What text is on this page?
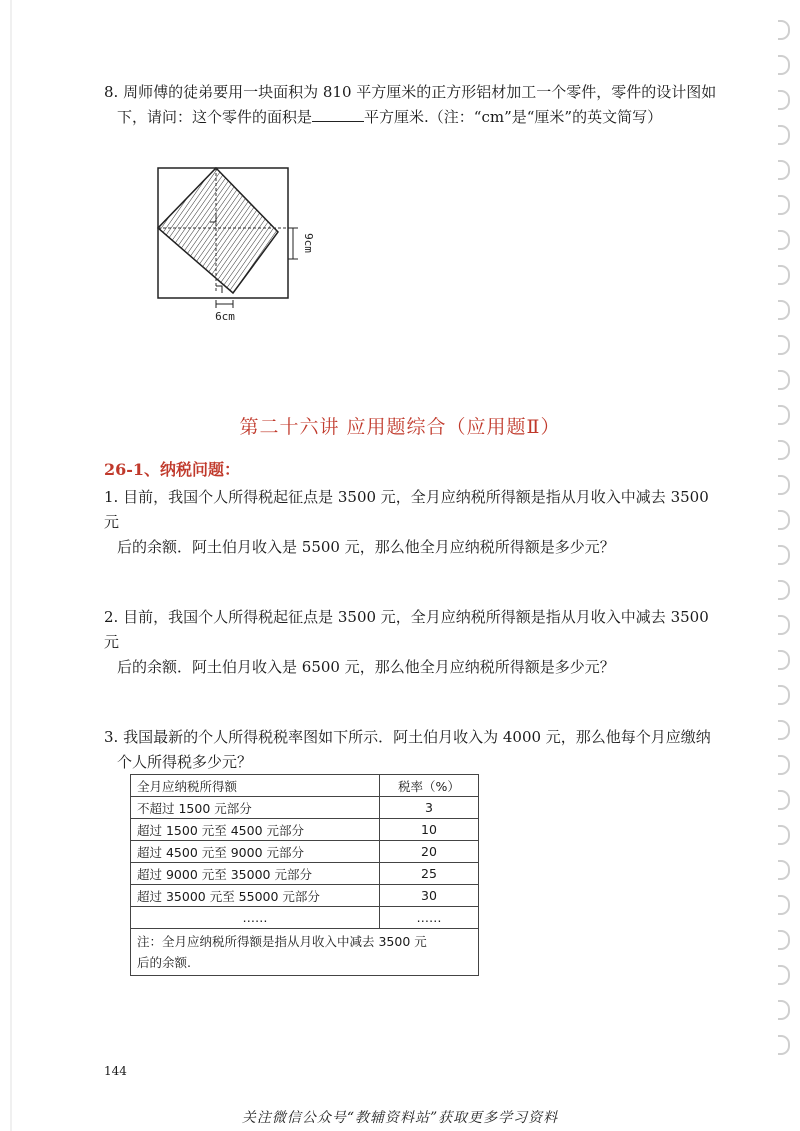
8. 周师傅的徒弟要用一块面积为 810 平方厘米的正方形铝材加工一个零件，零件的设计图如
下，请问：这个零件的面积是	平方厘米.（注：“cm”是“厘米”的英文简写）
9cm
6cm
第二十六讲 应用题综合（应用题Ⅱ）
26-1、纳税问题：
1. 目前，我国个人所得税起征点是 3500 元，全月应纳税所得额是指从月收入中减去 3500 元
后的余额．阿土伯月收入是 5500 元，那么他全月应纳税所得额是多少元？
2. 目前，我国个人所得税起征点是 3500 元，全月应纳税所得额是指从月收入中减去 3500 元
后的余额．阿土伯月收入是 6500 元，那么他全月应纳税所得额是多少元？
3. 我国最新的个人所得税税率图如下所示．阿土伯月收入为 4000 元，那么他每个月应缴纳
个人所得税多少元？
全月应纳税所得额	税率（%）
不超过 1500 元部分	3
超过 1500 元至 4500 元部分	10
超过 4500 元至 9000 元部分	20
超过 9000 元至 35000 元部分	25
超过 35000 元至 55000 元部分	30
……	……

注：全月应纳税所得额是指从月收入中减去 3500 元
后的余额.	
144
关注微信公众号“教辅资料站”获取更多学习资料
